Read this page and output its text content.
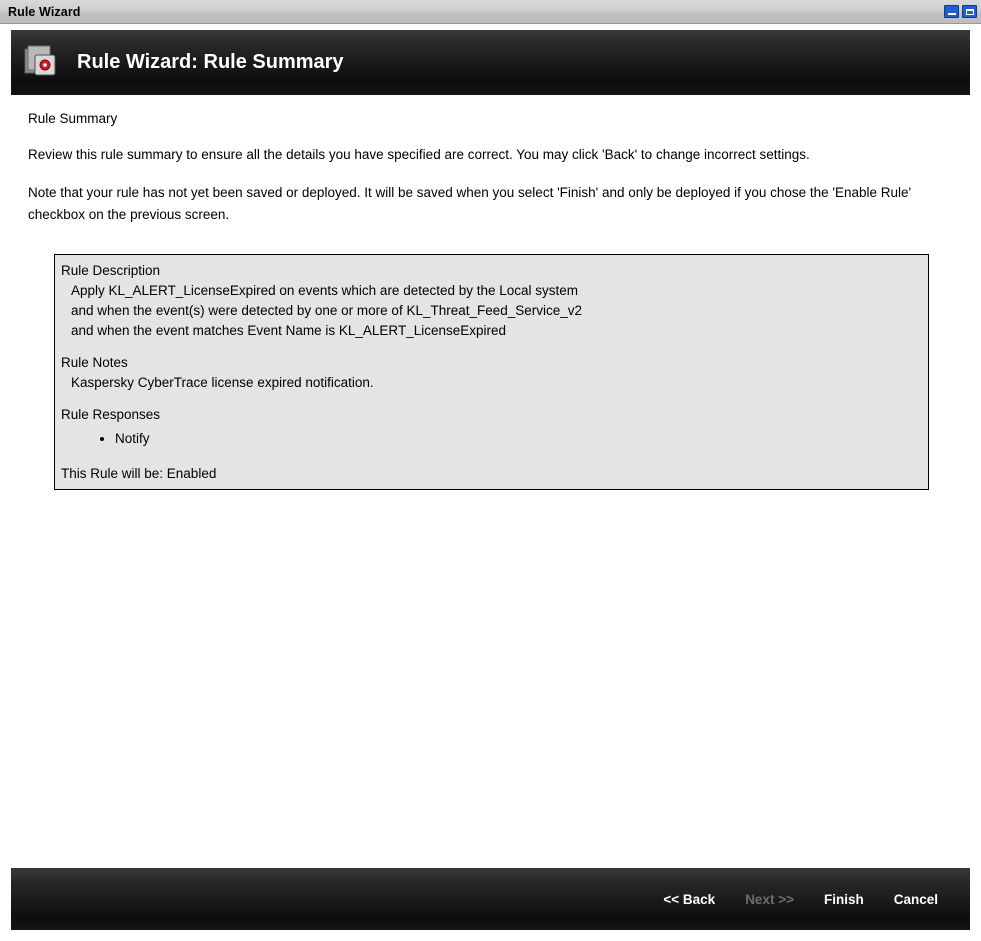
Rule Wizard
Rule Wizard: Rule Summary
Rule Summary
Review this rule summary to ensure all the details you have specified are correct. You may click 'Back' to change incorrect settings.
Note that your rule has not yet been saved or deployed. It will be saved when you select 'Finish' and only be deployed if you chose the 'Enable Rule' checkbox on the previous screen.
Rule Description
Apply KL_ALERT_LicenseExpired on events which are detected by the Local system
and when the event(s) were detected by one or more of KL_Threat_Feed_Service_v2
and when the event matches Event Name is KL_ALERT_LicenseExpired
Rule Notes
Kaspersky CyberTrace license expired notification.
Rule Responses
• Notify
This Rule will be: Enabled
<< Back Next >> Finish Cancel
